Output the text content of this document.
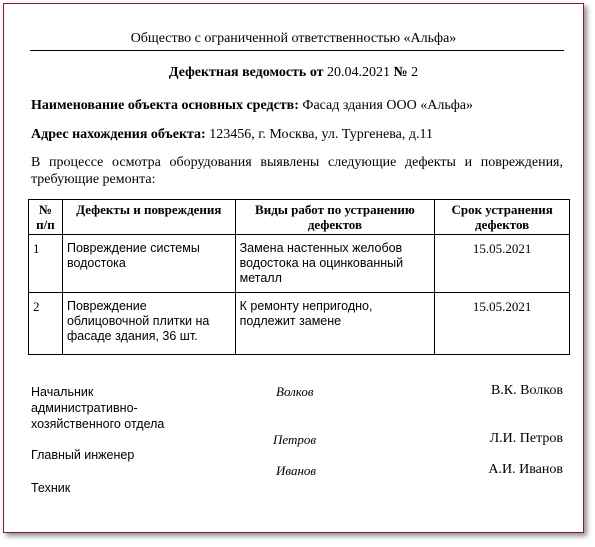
Общество с ограниченной ответственностью «Альфа»
Дефектная ведомость от 20.04.2021 № 2
Наименование объекта основных средств: Фасад здания ООО «Альфа»
Адрес нахождения объекта: 123456, г. Москва, ул. Тургенева, д.11
В процессе осмотра оборудования выявлены следующие дефекты и повреждения, требующие ремонта:
№ п/п	Дефекты и повреждения	Виды работ по устранению дефектов	Срок устранения дефектов
1	Повреждение системы водостока	Замена настенных желобов водостока на оцинкованный металл	15.05.2021
2	Повреждение облицовочной плитки на фасаде здания, 36 шт.	К ремонту непригодно, подлежит замене	15.05.2021
Начальник административно-хозяйственного отдела
Волков	В.К. Волков
Главный инженер
Петров	Л.И. Петров
Техник
Иванов	А.И. Иванов
